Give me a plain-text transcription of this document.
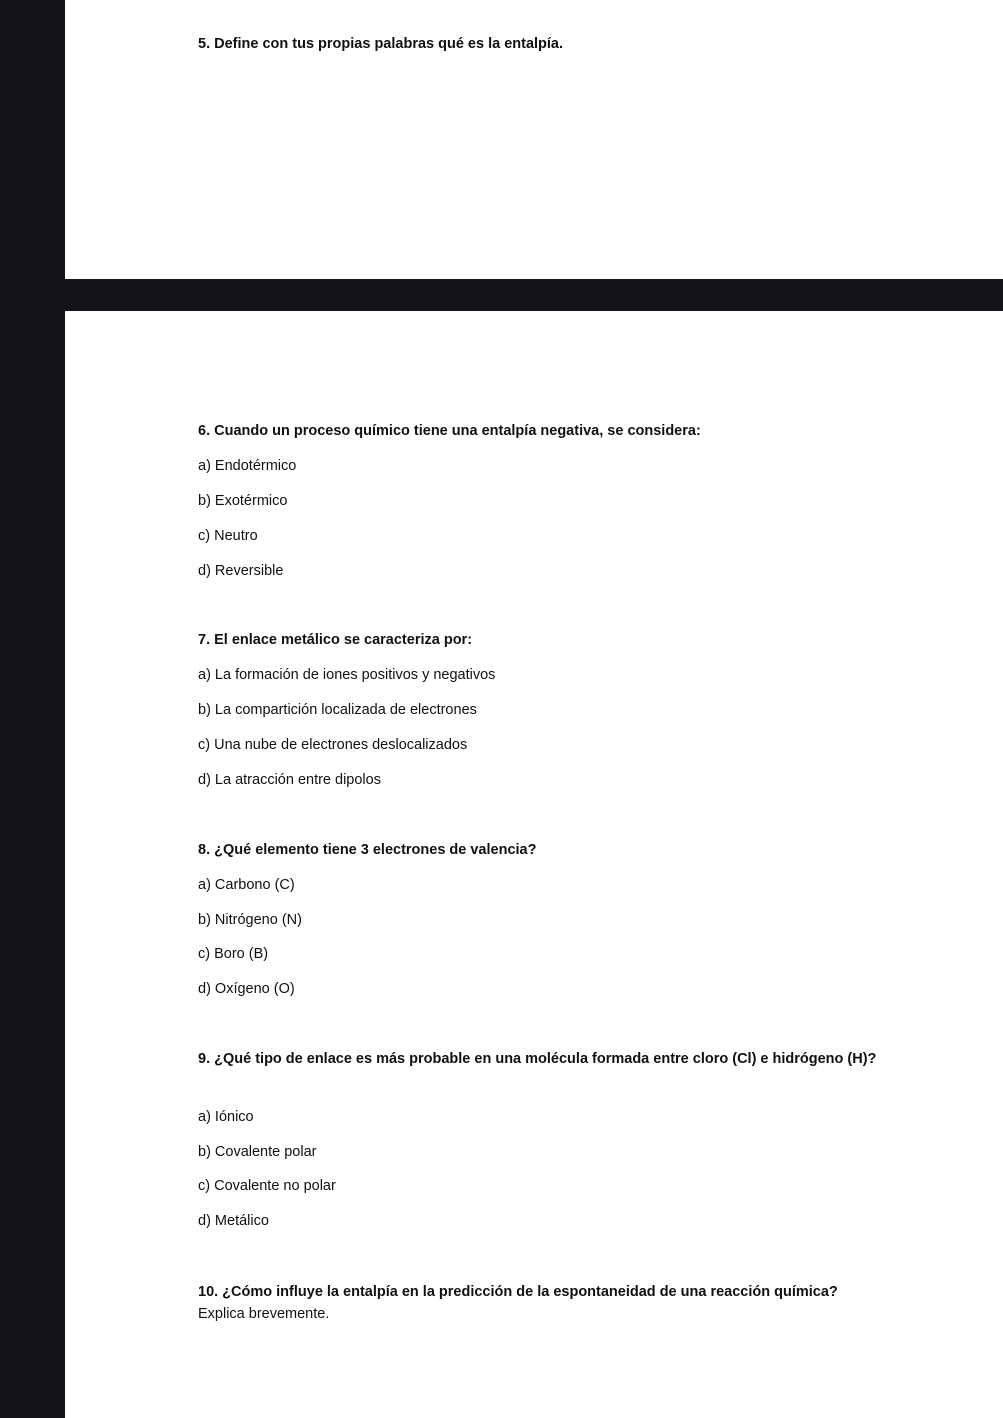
5. Define con tus propias palabras qué es la entalpía.

6. Cuando un proceso químico tiene una entalpía negativa, se considera:

a) Endotérmico

b) Exotérmico

c) Neutro

d) Reversible

7. El enlace metálico se caracteriza por:

a) La formación de iones positivos y negativos

b) La compartición localizada de electrones

c) Una nube de electrones deslocalizados

d) La atracción entre dipolos

8. ¿Qué elemento tiene 3 electrones de valencia?

a) Carbono (C)

b) Nitrógeno (N)

c) Boro (B)

d) Oxígeno (O)

9. ¿Qué tipo de enlace es más probable en una molécula formada entre cloro (Cl) e hidrógeno (H)?

a) Iónico

b) Covalente polar

c) Covalente no polar

d) Metálico

10. ¿Cómo influye la entalpía en la predicción de la espontaneidad de una reacción química?

Explica brevemente.
